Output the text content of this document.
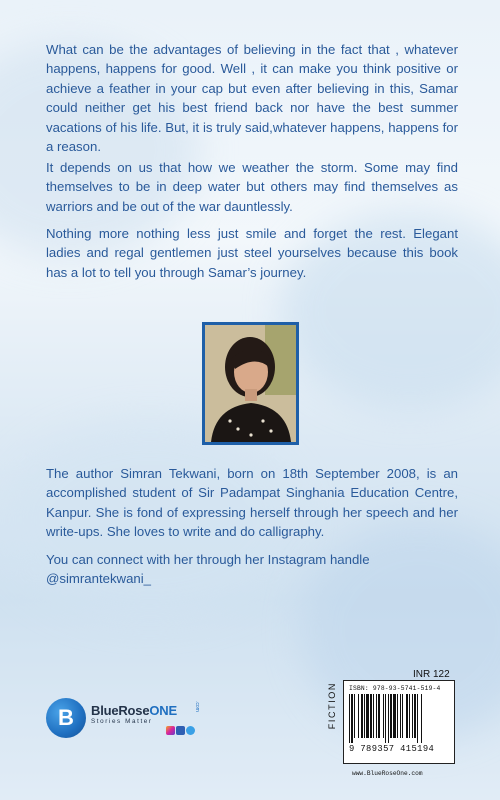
What can be the advantages of believing in the fact that , whatever happens, happens for good. Well , it can make you think positive or achieve a feather in your cap but even after believing in this, Samar could neither get his best friend back nor have the best summer vacations of his life. But, it is truly said,whatever happens, happens for a reason.

It depends on us that how we weather the storm. Some may find themselves to be in deep water but others may find themselves as warriors and be out of the war dauntlessly.

Nothing more nothing less just smile and forget the rest. Elegant ladies and regal gentlemen just steel yourselves because this book has a lot to tell you through Samar’s journey.

The author Simran Tekwani, born on 18th September 2008, is an accomplished student of Sir Padampat Singhania Education Centre, Kanpur. She is fond of expressing herself through her speech and her write-ups. She loves to write and do calligraphy.

You can connect with her through her Instagram handle
@simrantekwani_

B	BlueRoseONE	.com
Stories Matter
INR 122
FICTION ISBN: 978-93-5741-519-4
9 789357 415194
www.BlueRoseOne.com
